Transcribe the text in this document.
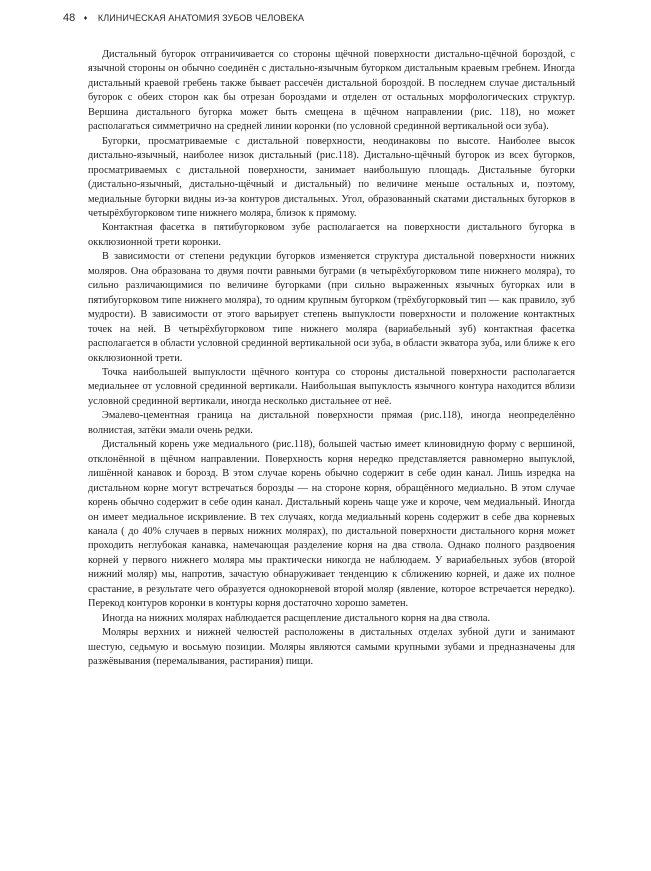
48 ♦ КЛИНИЧЕСКАЯ АНАТОМИЯ ЗУБОВ ЧЕЛОВЕКА

Дистальный бугорок отграничивается со стороны щёчной поверхности дистально-щёчной бороздой, с язычной стороны он обычно соединён с дистально-язычным бугорком дистальным краевым гребнем. Иногда дистальный краевой гребень также бывает рассечён дистальной бороздой. В последнем случае дистальный бугорок с обеих сторон как бы отрезан бороздами и отделен от остальных морфологических структур. Вершина дистального бугорка может быть смещена в щёчном направлении (рис. 118), но может располагаться симметрично на средней линии коронки (по условной срединной вертикальной оси зуба).

Бугорки, просматриваемые с дистальной поверхности, неодинаковы по высоте. Наиболее высок дистально-язычный, наиболее низок дистальный (рис.118). Дистально-щёчный бугорок из всех бугорков, просматриваемых с дистальной поверхности, занимает наибольшую площадь. Дистальные бугорки (дистально-язычный, дистально-щёчный и дистальный) по величине меньше остальных и, поэтому, медиальные бугорки видны из-за контуров дистальных. Угол, образованный скатами дистальных бугорков в четырёхбугорковом типе нижнего моляра, близок к прямому.

Контактная фасетка в пятибугорковом зубе располагается на поверхности дистального бугорка в окклюзионной трети коронки.

В зависимости от степени редукции бугорков изменяется структура дистальной поверхности нижних моляров. Она образована то двумя почти равными буграми (в четырёхбугорковом типе нижнего моляра), то сильно различающимися по величине бугорками (при сильно выраженных язычных бугорках или в пятибугорковом типе нижнего моляра), то одним крупным бугорком (трёхбугорковый тип — как правило, зуб мудрости). В зависимости от этого варьирует степень выпуклости поверхности и положение контактных точек на ней. В четырёхбугорковом типе нижнего моляра (вариабельный зуб) контактная фасетка располагается в области условной срединной вертикальной оси зуба, в области экватора зуба, или ближе к его окклюзионной трети.

Точка наибольшей выпуклости щёчного контура со стороны дистальной поверхности располагается медиальнее от условной срединной вертикали. Наибольшая выпуклость язычного контура находится вблизи условной срединной вертикали, иногда несколько дистальнее от неё.

Эмалево-цементная граница на дистальной поверхности прямая (рис.118), иногда неопределённо волнистая, затёки эмали очень редки.

Дистальный корень уже медиального (рис.118), большей частью имеет клиновидную форму с вершиной, отклонённой в щёчном направлении. Поверхность корня нередко представляется равномерно выпуклой, лишённой канавок и борозд. В этом случае корень обычно содержит в себе один канал. Лишь изредка на дистальном корне могут встречаться борозды — на стороне корня, обращённого медиально. В этом случае корень обычно содержит в себе один канал. Дистальный корень чаще уже и короче, чем медиальный. Иногда он имеет медиальное искривление. В тех случаях, когда медиальный корень содержит в себе два корневых канала ( до 40% случаев в первых нижних молярах), по дистальной поверхности дистального корня может проходить неглубокая канавка, намечающая разделение корня на два ствола. Однако полного раздвоения корней у первого нижнего моляра мы практически никогда не наблюдаем. У вариабельных зубов (второй нижний моляр) мы, напротив, зачастую обнаруживает тенденцию к сближению корней, и даже их полное срастание, в результате чего образуется однокорневой второй моляр (явление, которое встречается нередко). Перекод контуров коронки в контуры корня достаточно хорошо заметен.

Иногда на нижних молярах наблюдается расщепление дистального корня на два ствола.

Моляры верхних и нижней челюстей расположены в дистальных отделах зубной дуги и занимают шестую, седьмую и восьмую позиции. Моляры являются самыми крупными зубами и предназначены для разжёвывания (перемалывания, растирания) пищи.
